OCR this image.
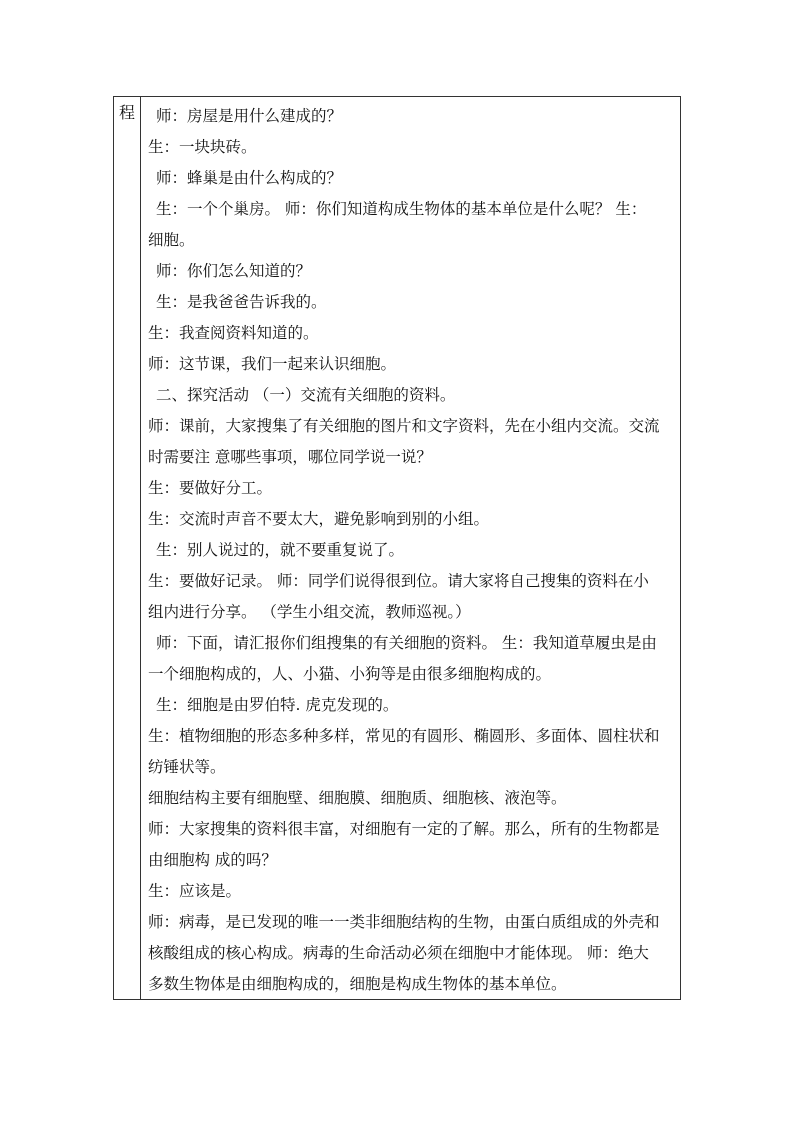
程	师：房屋是用什么建成的？

生：一块块砖。

师：蜂巢是由什么构成的？

生：一个个巢房。 师：你们知道构成生物体的基本单位是什么呢？ 生：

细胞。

师：你们怎么知道的？

生：是我爸爸告诉我的。

生：我查阅资料知道的。

师：这节课，我们一起来认识细胞。

二、探究活动 （一）交流有关细胞的资料。

师：课前，大家搜集了有关细胞的图片和文字资料，先在小组内交流。交流

时需要注 意哪些事项，哪位同学说一说？

生：要做好分工。

生：交流时声音不要太大，避免影响到别的小组。

生：别人说过的，就不要重复说了。

生：要做好记录。 师：同学们说得很到位。请大家将自己搜集的资料在小

组内进行分享。 （学生小组交流，教师巡视。）

师：下面，请汇报你们组搜集的有关细胞的资料。 生：我知道草履虫是由

一个细胞构成的，人、小猫、小狗等是由很多细胞构成的。

生：细胞是由罗伯特. 虎克发现的。

生：植物细胞的形态多种多样，常见的有圆形、椭圆形、多面体、圆柱状和

纺锤状等。

细胞结构主要有细胞壁、细胞膜、细胞质、细胞核、液泡等。

师：大家搜集的资料很丰富，对细胞有一定的了解。那么，所有的生物都是

由细胞构 成的吗？

生：应该是。

师：病毒，是已发现的唯一一类非细胞结构的生物，由蛋白质组成的外壳和

核酸组成的核心构成。病毒的生命活动必须在细胞中才能体现。 师：绝大

多数生物体是由细胞构成的，细胞是构成生物体的基本单位。
